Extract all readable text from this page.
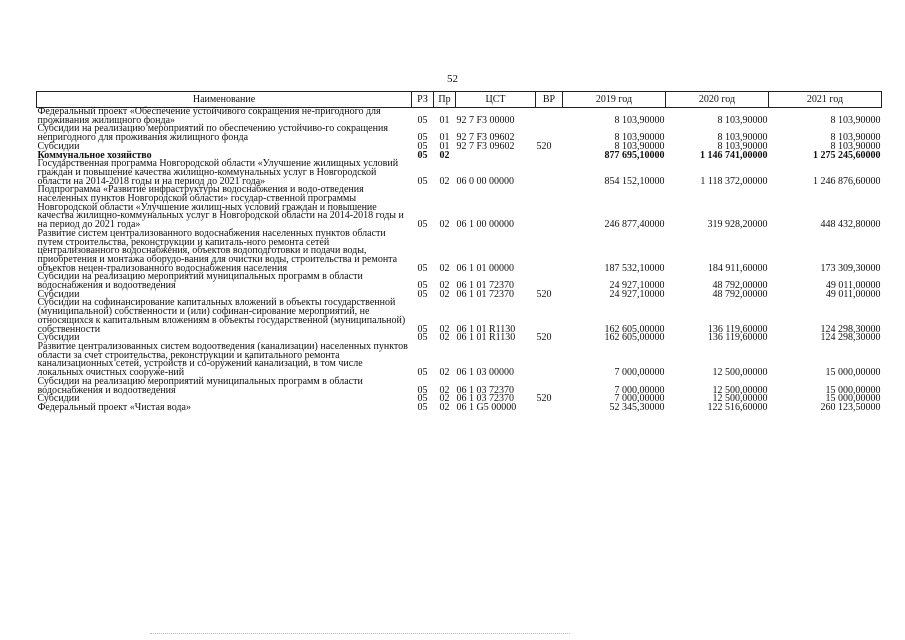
52
Наименование	РЗ	Пр	ЦСТ	ВР	2019 год	2020 год	2021 год
Федеральный проект «Обеспечение устойчивого сокращения не-пригодного для проживания жилищного фонда»	05	01	92 7 F3 00000		8 103,90000	8 103,90000	8 103,90000
Субсидии на реализацию мероприятий по обеспечению устойчиво-го сокращения непригодного для проживания жилищного фонда	05	01	92 7 F3 09602		8 103,90000	8 103,90000	8 103,90000
Субсидии	05	01	92 7 F3 09602	520	8 103,90000	8 103,90000	8 103,90000
Коммунальное хозяйство	05	02			877 695,10000	1 146 741,00000	1 275 245,60000
Государственная программа Новгородской области «Улучшение жилищных условий граждан и повышение качества жилищно-коммунальных услуг в Новгородской области на 2014-2018 годы и на период до 2021 года»	05	02	06 0 00 00000		854 152,10000	1 118 372,00000	1 246 876,60000
Подпрограмма «Развитие инфраструктуры водоснабжения и водо-отведения населенных пунктов Новгородской области» государ-ственной программы Новгородской области «Улучшение жилищ-ных условий граждан и повышение качества жилищно-коммунальных услуг в Новгородской области на 2014-2018 годы и на период до 2021 года»	05	02	06 1 00 00000		246 877,40000	319 928,20000	448 432,80000
Развитие систем централизованного водоснабжения населенных пунктов области путем строительства, реконструкции и капиталь-ного ремонта сетей централизованного водоснабжения, объектов водоподготовки и подачи воды, приобретения и монтажа оборудо-вания для очистки воды, строительства и ремонта объектов нецен-трализованного водоснабжения населения	05	02	06 1 01 00000		187 532,10000	184 911,60000	173 309,30000
Субсидии на реализацию мероприятий муниципальных программ в области водоснабжения и водоотведения	05	02	06 1 01 72370		24 927,10000	48 792,00000	49 011,00000
Субсидии	05	02	06 1 01 72370	520	24 927,10000	48 792,00000	49 011,00000
Субсидии на софинансирование капитальных вложений в объекты государственной (муниципальной) собственности и (или) софинан-сирование мероприятий, не относящихся к капитальным вложениям в объекты государственной (муниципальной) собственности	05	02	06 1 01 R1130		162 605,00000	136 119,60000	124 298,30000
Субсидии	05	02	06 1 01 R1130	520	162 605,00000	136 119,60000	124 298,30000
Развитие централизованных систем водоотведения (канализации) населенных пунктов области за счет строительства, реконструкции и капитального ремонта канализационных сетей, устройств и со-оружений канализации, в том числе локальных очистных сооруже-ний	05	02	06 1 03 00000		7 000,00000	12 500,00000	15 000,00000
Субсидии на реализацию мероприятий муниципальных программ в области водоснабжения и водоотведения	05	02	06 1 03 72370		7 000,00000	12 500,00000	15 000,00000
Субсидии	05	02	06 1 03 72370	520	7 000,00000	12 500,00000	15 000,00000
Федеральный проект «Чистая вода»	05	02	06 1 G5 00000		52 345,30000	122 516,60000	260 123,50000
